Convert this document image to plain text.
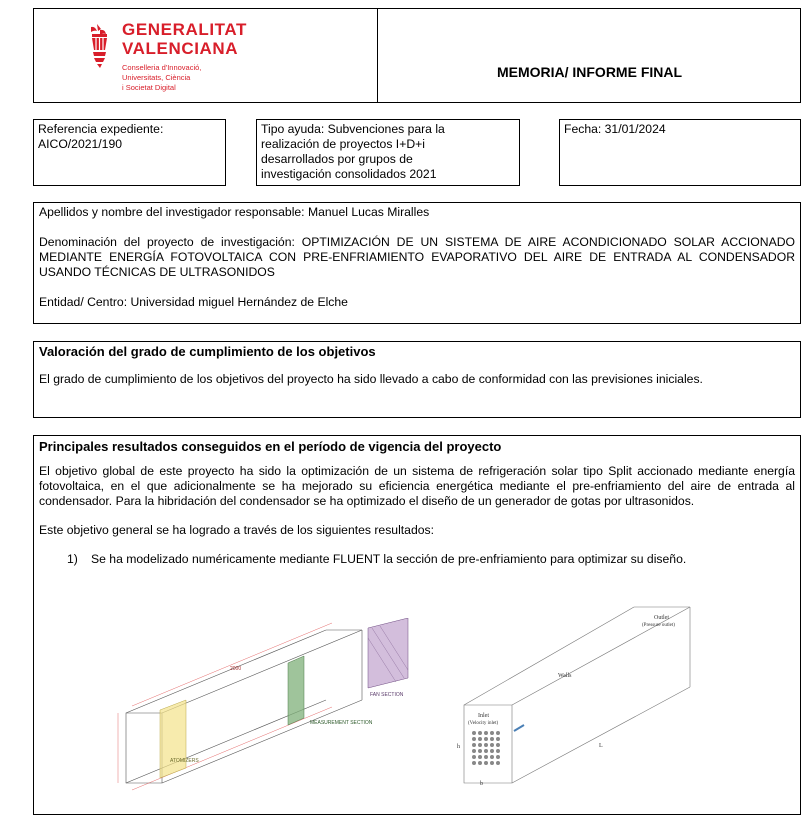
GENERALITAT
VALENCIANA
Conselleria d'Innovació,
Universitats, Ciència
i Societat Digital
MEMORIA/ INFORME FINAL
Referencia expediente:
AICO/2021/190
Tipo ayuda: Subvenciones para la
realización de proyectos I+D+i
desarrollados por grupos de
investigación consolidados 2021
Fecha: 31/01/2024
Apellidos y nombre del investigador responsable: Manuel Lucas Miralles
Denominación del proyecto de investigación: OPTIMIZACIÓN DE UN SISTEMA DE AIRE ACONDICIONADO SOLAR ACCIONADO MEDIANTE ENERGÍA FOTOVOLTAICA CON PRE-ENFRIAMIENTO EVAPORATIVO DEL AIRE DE ENTRADA AL CONDENSADOR USANDO TÉCNICAS DE ULTRASONIDOS
Entidad/ Centro: Universidad miguel Hernández de Elche
Valoración del grado de cumplimiento de los objetivos
El grado de cumplimiento de los objetivos del proyecto ha sido llevado a cabo de conformidad con las previsiones iniciales.
Principales resultados conseguidos en el período de vigencia del proyecto
El objetivo global de este proyecto ha sido la optimización de un sistema de refrigeración solar tipo Split accionado mediante energía fotovoltaica, en el que adicionalmente se ha mejorado su eficiencia energética mediante el pre-enfriamiento del aire de entrada al condensador. Para la hibridación del condensador se ha optimizado el diseño de un generador de gotas por ultrasonidos.
Este objetivo general se ha logrado a través de los siguientes resultados:
1)	Se ha modelizado numéricamente mediante FLUENT la sección de pre-enfriamiento para optimizar su diseño.
ATOMIZERS
MEASUREMENT SECTION
FAN SECTION
2000
Outlet
(Pressure outlet)
Walls
Inlet
(Velocity inlet)
L
h
b
